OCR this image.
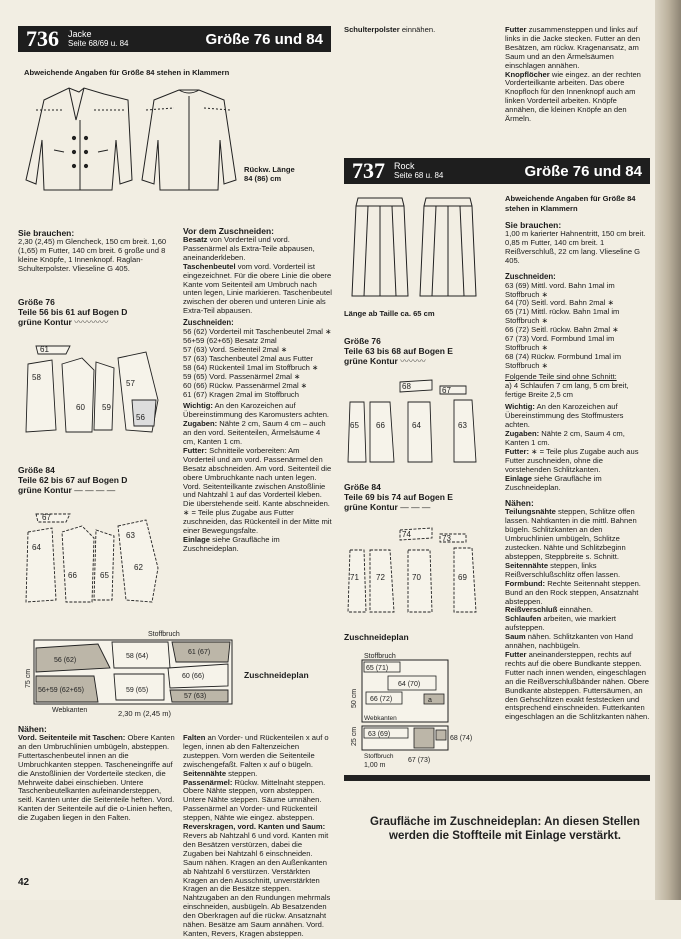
736	Jacke
Seite 68/69 u. 84	Größe 76 und 84
Abweichende Angaben für Größe 84 stehen in Klammern
Rückw. Länge
84 (86) cm
Sie brauchen:
2,30 (2,45) m Glencheck, 150 cm breit. 1,60 (1,65) m Futter, 140 cm breit. 6 große und 8 kleine Knöpfe, 1 Innenknopf. Raglan-Schulterpolster. Vlieseline G 405.
Größe 76
Teile 56 bis 61 auf Bogen D
grüne Kontur 〰〰〰〰
61
58
60 59
57
56
Größe 84
Teile 62 bis 67 auf Bogen D
grüne Kontur — — — —
67
64
66	65
63
62
Vor dem Zuschneiden:

Besatz von Vorderteil und vord. Passenärmel als Extra-Teile abpausen, aneinanderkleben.

Taschenbeutel vom vord. Vorderteil ist eingezeichnet. Für die obere Linie die obere Kante vom Seitenteil am Umbruch nach unten legen, Linie markieren. Taschenbeutel zwischen der oberen und unteren Linie als Extra-Teil abpausen.

Zuschneiden:
56 (62) Vorderteil mit Taschenbeutel 2mal ∗
56+59 (62+65) Besatz 2mal
57 (63) Vord. Seitenteil 2mal ∗
57 (63) Taschenbeutel 2mal aus Futter
58 (64) Rückenteil 1mal im Stoffbruch ∗
59 (65) Vord. Passenärmel 2mal ∗
60 (66) Rückw. Passenärmel 2mal ∗
61 (67) Kragen 2mal im Stoffbruch

Wichtig: An den Karozeichen auf Übereinstimmung des Karomusters achten.

Zugaben: Nähte 2 cm, Saum 4 cm – auch an den vord. Seitenteilen, Ärmelsäume 4 cm, Kanten 1 cm.

Futter: Schnitteile vorbereiten: Am Vorderteil und am vord. Passenärmel den Besatz abschneiden. Am vord. Seitenteil die obere Umbruchkante nach unten legen. Vord. Seitenteilkante zwischen Anstoßlinie und Nahtzahl 1 auf das Vorderteil kleben. Die überstehende seitl. Kante abschneiden. ∗ = Teile plus Zugabe aus Futter zuschneiden, das Rückenteil in der Mitte mit einer Bewegungsfalte.

Einlage siehe Grauflächе im Zuschneideplan.

Stoffbruch
75 cm
56 (62)
58 (64)
61 (67)
60 (66)
56+59 (62+65)	59 (65)
57 (63)
Webkanten	2,30 m (2,45 m)
Zuschneideplan
Nähen:

Vord. Seitenteile mit Taschen: Obere Kanten an den Umbruchlinien umbügeln, absteppen. Futtertaschenbeutel innen an die Umbruchkanten steppen. Tascheneingriffe auf die Anstoßlinien der Vorderteile stecken, die Mehrweite dabei einschieben. Untere Taschenbeutelkanten aufeinandersteppen, seitl. Kanten unter die Seitenteile heften. Vord. Kanten der Seitenteile auf die o-Linien heften, die Zugaben liegen in den Falten.

Falten an Vorder- und Rückenteilen x auf o legen, innen ab den Faltenzeichen zusteppen. Vorn werden die Seitenteile zwischengefaßt. Falten x auf o bügeln.

Seitennähte steppen.

Passenärmel: Rückw. Mittelnaht steppen. Obere Nähte steppen, vorn absteppen. Untere Nähte steppen. Säume umnähen. Passenärmel an Vorder- und Rückenteil steppen, Nähte wie eingez. absteppen.

Reverskragen, vord. Kanten und Saum: Revers ab Nahtzahl 6 und vord. Kanten mit den Besätzen verstürzen, dabei die Zugaben bei Nahtzahl 6 einschneiden. Saum nähen. Kragen an den Außenkanten ab Nahtzahl 6 verstürzen. Verstärkten Kragen an den Ausschnitt, unverstärkten Kragen an die Besätze steppen. Nahtzugaben an den Rundungen mehrmals einschneiden, ausbügeln. Ab Besatzenden den Oberkragen auf die rückw. Ansatznaht nähen. Besätze am Saum annähen. Vord. Kanten, Revers, Kragen absteppen.

Schulterpolster einnähen.	Futter zusammensteppen und links auf links in die Jacke stecken. Futter an den Besätzen, am rückw. Kragenansatz, am Saum und an den Ärmelsäumen einschlagen annähen.

Knopflöcher wie eingez. an der rechten Vorderteilkante arbeiten. Das obere Knopfloch für den Innenknopf auch am linken Vorderteil arbeiten. Knöpfe annähen, die kleinen Knöpfe an den Ärmeln.

737	Rock
Seite 68 u. 84	Größe 76 und 84
Länge ab Taille ca. 65 cm
Abweichende Angaben für Größe 84 stehen in Klammern
Sie brauchen:
1,00 m karierter Hahnentritt, 150 cm breit. 0,85 m Futter, 140 cm breit. 1 Reißverschluß, 22 cm lang. Vlieseline G 405.
Zuschneiden:
63 (69) Mittl. vord. Bahn 1mal im Stoffbruch ∗
64 (70) Seitl. vord. Bahn 2mal ∗
65 (71) Mittl. rückw. Bahn 1mal im Stoffbruch ∗
66 (72) Seitl. rückw. Bahn 2mal ∗
67 (73) Vord. Formbund 1mal im Stoffbruch ∗
68 (74) Rückw. Formbund 1mal im Stoffbruch ∗
Folgende Teile sind ohne Schnitt:
a) 4 Schlaufen 7 cm lang, 5 cm breit, fertige Breite 2,5 cm

Wichtig: An den Karozeichen auf Übereinstimmung des Stoffmusters achten.

Zugaben: Nähte 2 cm, Saum 4 cm, Kanten 1 cm.

Futter: ∗ = Teile plus Zugabe auch aus Futter zuschneiden, ohne die vorstehenden Schlitzkanten.

Einlage siehe Graufläche im Zuschneideplan.

Nähen:

Teilungsnähte steppen, Schlitze offen lassen. Nahtkanten in die mittl. Bahnen bügeln. Schlitzkanten an den Umbruchlinien umbügeln, Schlitze zusteckеn. Nähte und Schlitzbeginn absteppen, Steppbreite s. Schnitt.

Seitennähte steppen, links Reißverschlußschlitz offen lassen.

Formbund: Rechte Seitennaht steppen. Bund an den Rock steppen, Ansatznaht absteppen.

Reißverschluß einnähen.

Schlaufen arbeiten, wie markiert aufsteppen.

Saum nähen. Schlitzkanten von Hand annähen, nachbügeln.

Futter aneinandersteppen, rechts auf rechts auf die obere Bundkante steppen. Futter nach innen wenden, eingeschlagen an die Reißverschlußbänder nähen. Obere Bundkante absteppen. Futtersäumen, an den Gehschlitzen exakt feststecken und entsprechend einschneiden. Futterkanten eingeschlagen an die Schlitzkanten nähen.

Größe 76
Teile 63 bis 68 auf Bogen E
grüne Kontur 〰〰〰
68	67
65 66	64	63
Größe 84
Teile 69 bis 74 auf Bogen E
grüne Kontur — — —
74	73
71 72	70	69
Zuschneideplan
Stoffbruch
50 cm
25 cm
65 (71)
64 (70)
66 (72)
63 (69)
67 (73)
68 (74)
a
Webkanten
Stoffbruch
1,00 m
Graufläche im Zuschneideplan: An diesen Stellen werden die Stoffteile mit Einlage verstärkt.
42
